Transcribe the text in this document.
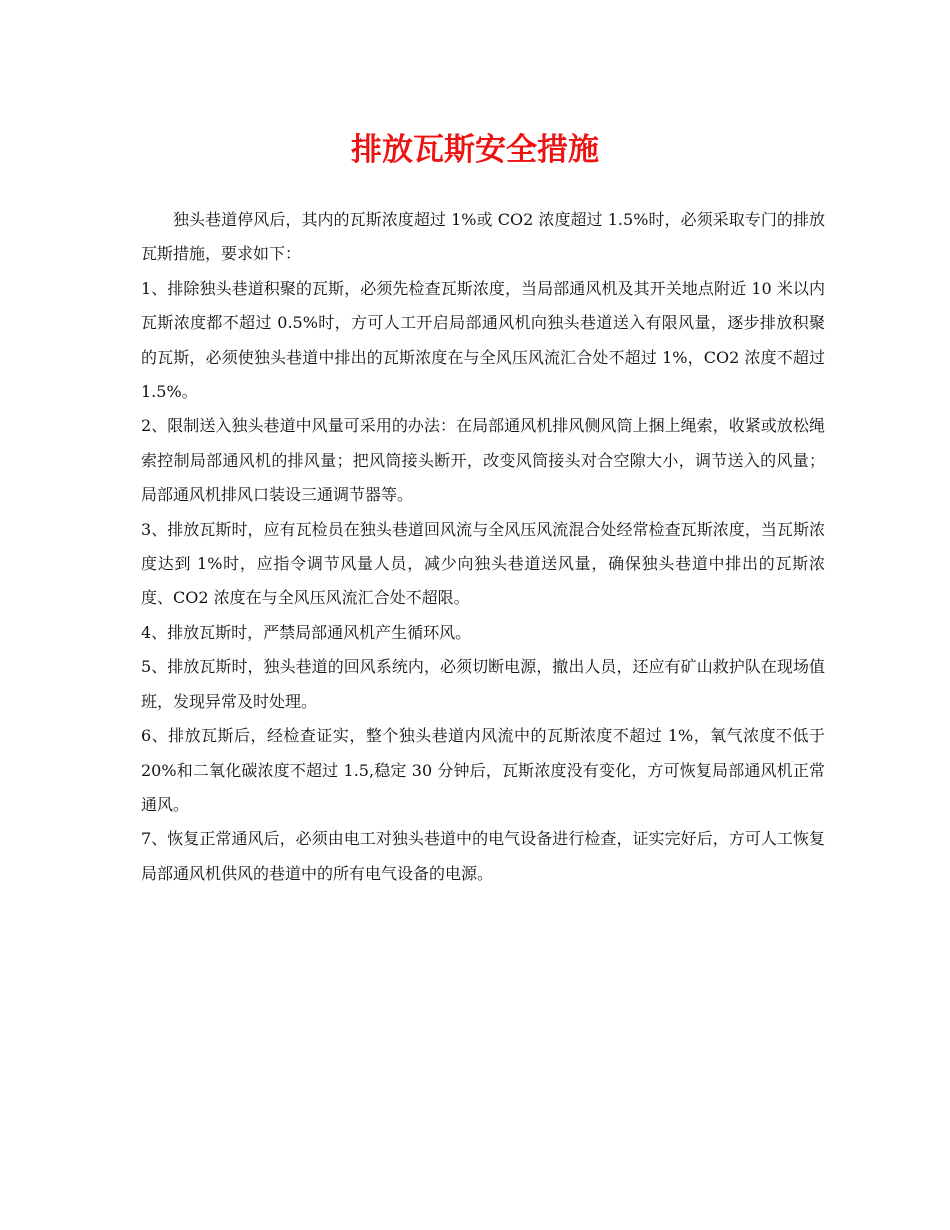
排放瓦斯安全措施

独头巷道停风后，其内的瓦斯浓度超过 1%或 CO2 浓度超过 1.5%时，必须采取专门的排放瓦斯措施，要求如下：

1、排除独头巷道积聚的瓦斯，必须先检查瓦斯浓度，当局部通风机及其开关地点附近 10 米以内瓦斯浓度都不超过 0.5%时，方可人工开启局部通风机向独头巷道送入有限风量，逐步排放积聚的瓦斯，必须使独头巷道中排出的瓦斯浓度在与全风压风流汇合处不超过 1%，CO2 浓度不超过 1.5%。

2、限制送入独头巷道中风量可采用的办法：在局部通风机排风侧风筒上捆上绳索，收紧或放松绳索控制局部通风机的排风量；把风筒接头断开，改变风筒接头对合空隙大小，调节送入的风量；局部通风机排风口装设三通调节器等。

3、排放瓦斯时，应有瓦检员在独头巷道回风流与全风压风流混合处经常检查瓦斯浓度，当瓦斯浓度达到 1%时，应指令调节风量人员，减少向独头巷道送风量，确保独头巷道中排出的瓦斯浓度、CO2 浓度在与全风压风流汇合处不超限。

4、排放瓦斯时，严禁局部通风机产生循环风。

5、排放瓦斯时，独头巷道的回风系统内，必须切断电源，撤出人员，还应有矿山救护队在现场值班，发现异常及时处理。

6、排放瓦斯后，经检查证实，整个独头巷道内风流中的瓦斯浓度不超过 1%，氧气浓度不低于 20%和二氧化碳浓度不超过 1.5,稳定 30 分钟后，瓦斯浓度没有变化，方可恢复局部通风机正常通风。

7、恢复正常通风后，必须由电工对独头巷道中的电气设备进行检查，证实完好后，方可人工恢复局部通风机供风的巷道中的所有电气设备的电源。
